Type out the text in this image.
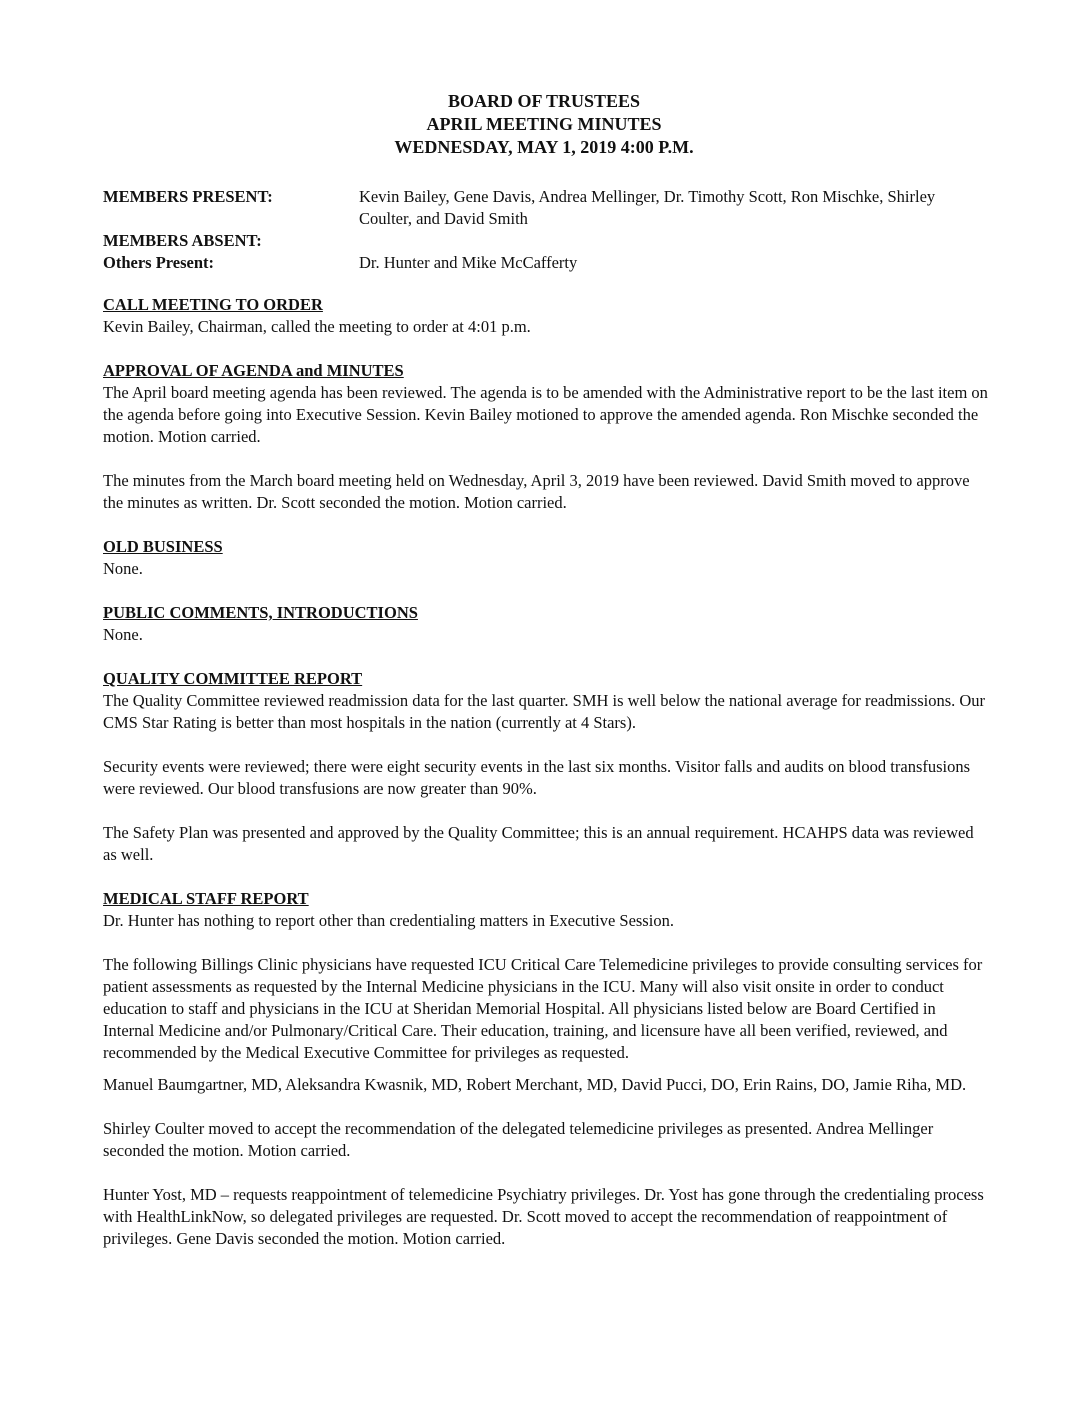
BOARD OF TRUSTEES
APRIL MEETING MINUTES
WEDNESDAY, MAY 1, 2019 4:00 P.M.
MEMBERS PRESENT:	Kevin Bailey, Gene Davis, Andrea Mellinger, Dr. Timothy Scott, Ron Mischke, Shirley Coulter, and David Smith
MEMBERS ABSENT:
Others Present:	Dr. Hunter and Mike McCafferty
CALL MEETING TO ORDER
Kevin Bailey, Chairman, called the meeting to order at 4:01 p.m.
APPROVAL OF AGENDA and MINUTES
The April board meeting agenda has been reviewed. The agenda is to be amended with the Administrative report to be the last item on the agenda before going into Executive Session. Kevin Bailey motioned to approve the amended agenda. Ron Mischke seconded the motion. Motion carried.
The minutes from the March board meeting held on Wednesday, April 3, 2019 have been reviewed. David Smith moved to approve the minutes as written. Dr. Scott seconded the motion. Motion carried.
OLD BUSINESS
None.
PUBLIC COMMENTS, INTRODUCTIONS
None.
QUALITY COMMITTEE REPORT
The Quality Committee reviewed readmission data for the last quarter. SMH is well below the national average for readmissions. Our CMS Star Rating is better than most hospitals in the nation (currently at 4 Stars).
Security events were reviewed; there were eight security events in the last six months. Visitor falls and audits on blood transfusions were reviewed. Our blood transfusions are now greater than 90%.
The Safety Plan was presented and approved by the Quality Committee; this is an annual requirement. HCAHPS data was reviewed as well.
MEDICAL STAFF REPORT
Dr. Hunter has nothing to report other than credentialing matters in Executive Session.
The following Billings Clinic physicians have requested ICU Critical Care Telemedicine privileges to provide consulting services for patient assessments as requested by the Internal Medicine physicians in the ICU. Many will also visit onsite in order to conduct education to staff and physicians in the ICU at Sheridan Memorial Hospital. All physicians listed below are Board Certified in Internal Medicine and/or Pulmonary/Critical Care. Their education, training, and licensure have all been verified, reviewed, and recommended by the Medical Executive Committee for privileges as requested.
Manuel Baumgartner, MD, Aleksandra Kwasnik, MD, Robert Merchant, MD, David Pucci, DO, Erin Rains, DO, Jamie Riha, MD.
Shirley Coulter moved to accept the recommendation of the delegated telemedicine privileges as presented. Andrea Mellinger seconded the motion. Motion carried.
Hunter Yost, MD – requests reappointment of telemedicine Psychiatry privileges. Dr. Yost has gone through the credentialing process with HealthLinkNow, so delegated privileges are requested. Dr. Scott moved to accept the recommendation of reappointment of privileges. Gene Davis seconded the motion. Motion carried.
